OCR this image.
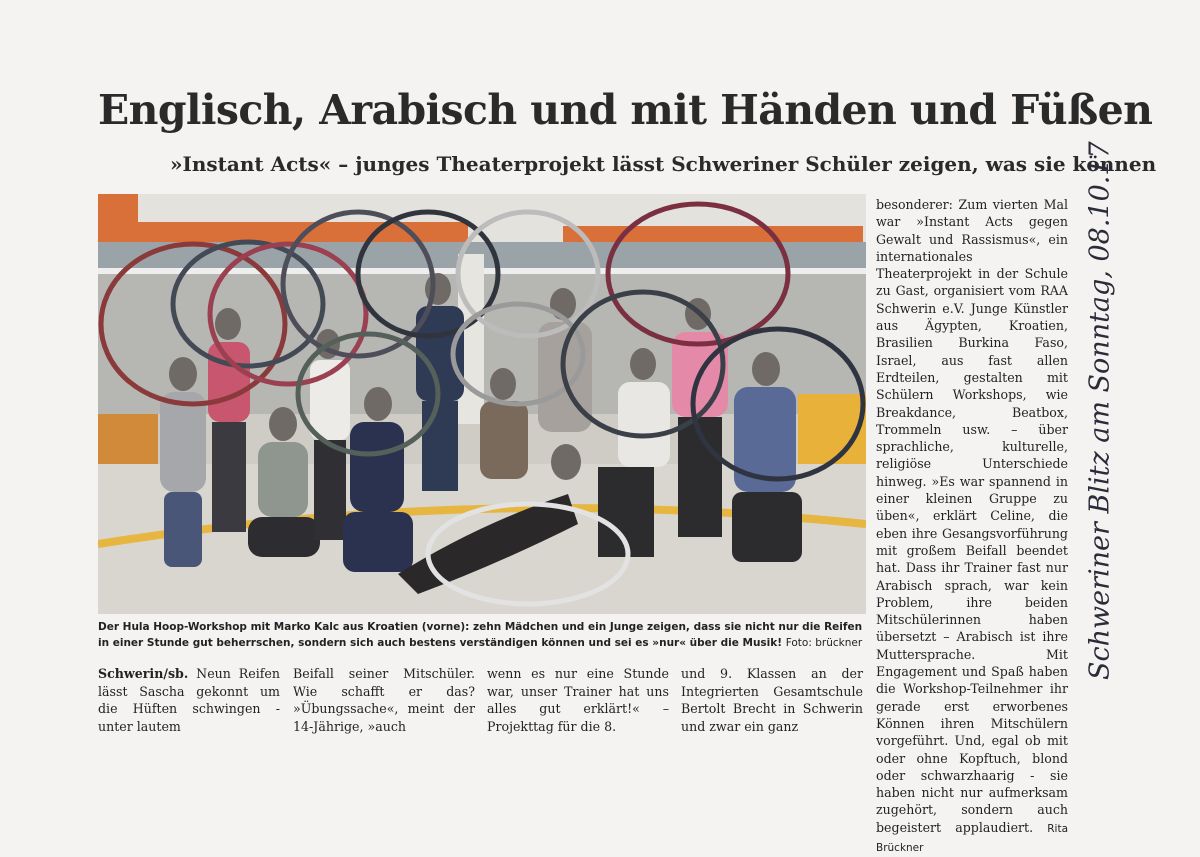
Englisch, Arabisch und mit Händen und Füßen
»Instant Acts« – junges Theaterprojekt lässt Schweriner Schüler zeigen, was sie können
Der Hula Hoop-Workshop mit Marko Kalc aus Kroatien (vorne): zehn Mädchen und ein Junge zeigen, dass sie nicht nur die Reifen in einer Stunde gut beherrschen, sondern sich auch bestens verständigen können und sei es »nur« über die Musik! Foto: brückner
Schwerin/sb. Neun Reifen lässt Sascha gekonnt um die Hüften schwingen - unter lautem
Beifall seiner Mitschüler. Wie schafft er das? »Übungssache«, meint der 14-Jährige, »auch
wenn es nur eine Stunde war, unser Trainer hat uns alles gut erklärt!« – Projekttag für die 8.
und 9. Klassen an der Integrierten Gesamtschule Bertolt Brecht in Schwerin und zwar ein ganz
besonderer: Zum vierten Mal war »Instant Acts gegen Gewalt und Rassismus«, ein internationales Theaterprojekt in der Schule zu Gast, organisiert vom RAA Schwerin e.V. Junge Künstler aus Ägypten, Kroatien, Brasilien Burkina Faso, Israel, aus fast allen Erdteilen, gestalten mit Schülern Workshops, wie Breakdance, Beatbox, Trommeln usw. – über sprachliche, kulturelle, religiöse Unterschiede hinweg. »Es war spannend in einer kleinen Gruppe zu üben«, erklärt Celine, die eben ihre Gesangsvorführung mit großem Beifall beendet hat. Dass ihr Trainer fast nur Arabisch sprach, war kein Problem, ihre beiden Mitschülerinnen haben übersetzt – Arabisch ist ihre Muttersprache. Mit Engagement und Spaß haben die Workshop-Teilnehmer ihr gerade erst erworbenes Können ihren Mitschülern vorgeführt. Und, egal ob mit oder ohne Kopftuch, blond oder schwarzhaarig - sie haben nicht nur aufmerksam zugehört, sondern auch begeistert applaudiert. Rita Brückner
Schweriner Blitz am Sonntag, 08.10.17
